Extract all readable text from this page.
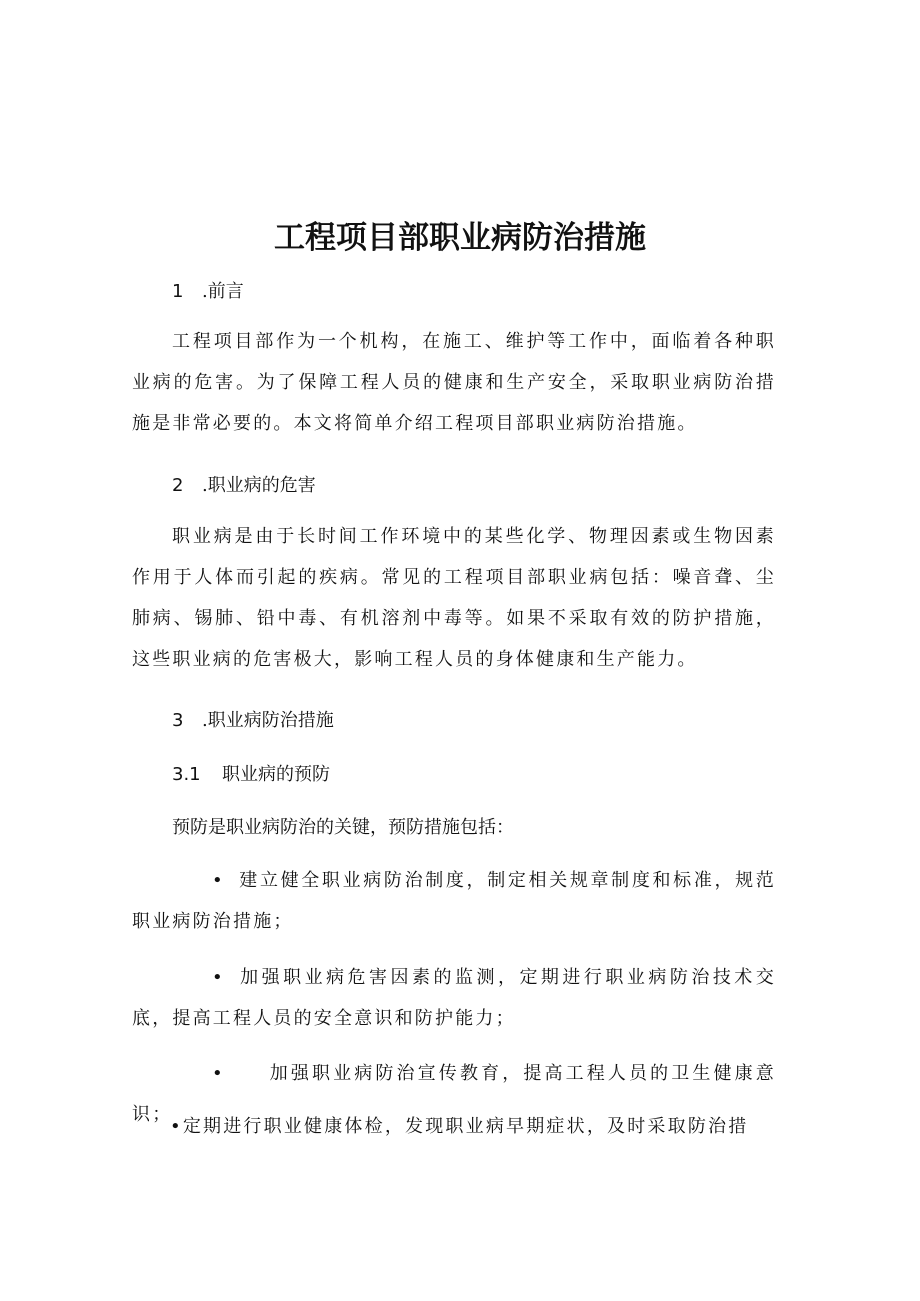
工程项目部职业病防治措施

1 .前言

工程项目部作为一个机构，在施工、维护等工作中，面临着各种职业病的危害。为了保障工程人员的健康和生产安全，采取职业病防治措施是非常必要的。本文将简单介绍工程项目部职业病防治措施。

2 .职业病的危害

职业病是由于长时间工作环境中的某些化学、物理因素或生物因素作用于人体而引起的疾病。常见的工程项目部职业病包括：噪音聋、尘肺病、锡肺、铅中毒、有机溶剂中毒等。如果不采取有效的防护措施，这些职业病的危害极大，影响工程人员的身体健康和生产能力。

3 .职业病防治措施

3.1 职业病的预防

预防是职业病防治的关键，预防措施包括：

• 建立健全职业病防治制度，制定相关规章制度和标准，规范职业病防治措施；

• 加强职业病危害因素的监测，定期进行职业病防治技术交底，提高工程人员的安全意识和防护能力；

• 加强职业病防治宣传教育，提高工程人员的卫生健康意识；

•定期进行职业健康体检，发现职业病早期症状，及时采取防治措
